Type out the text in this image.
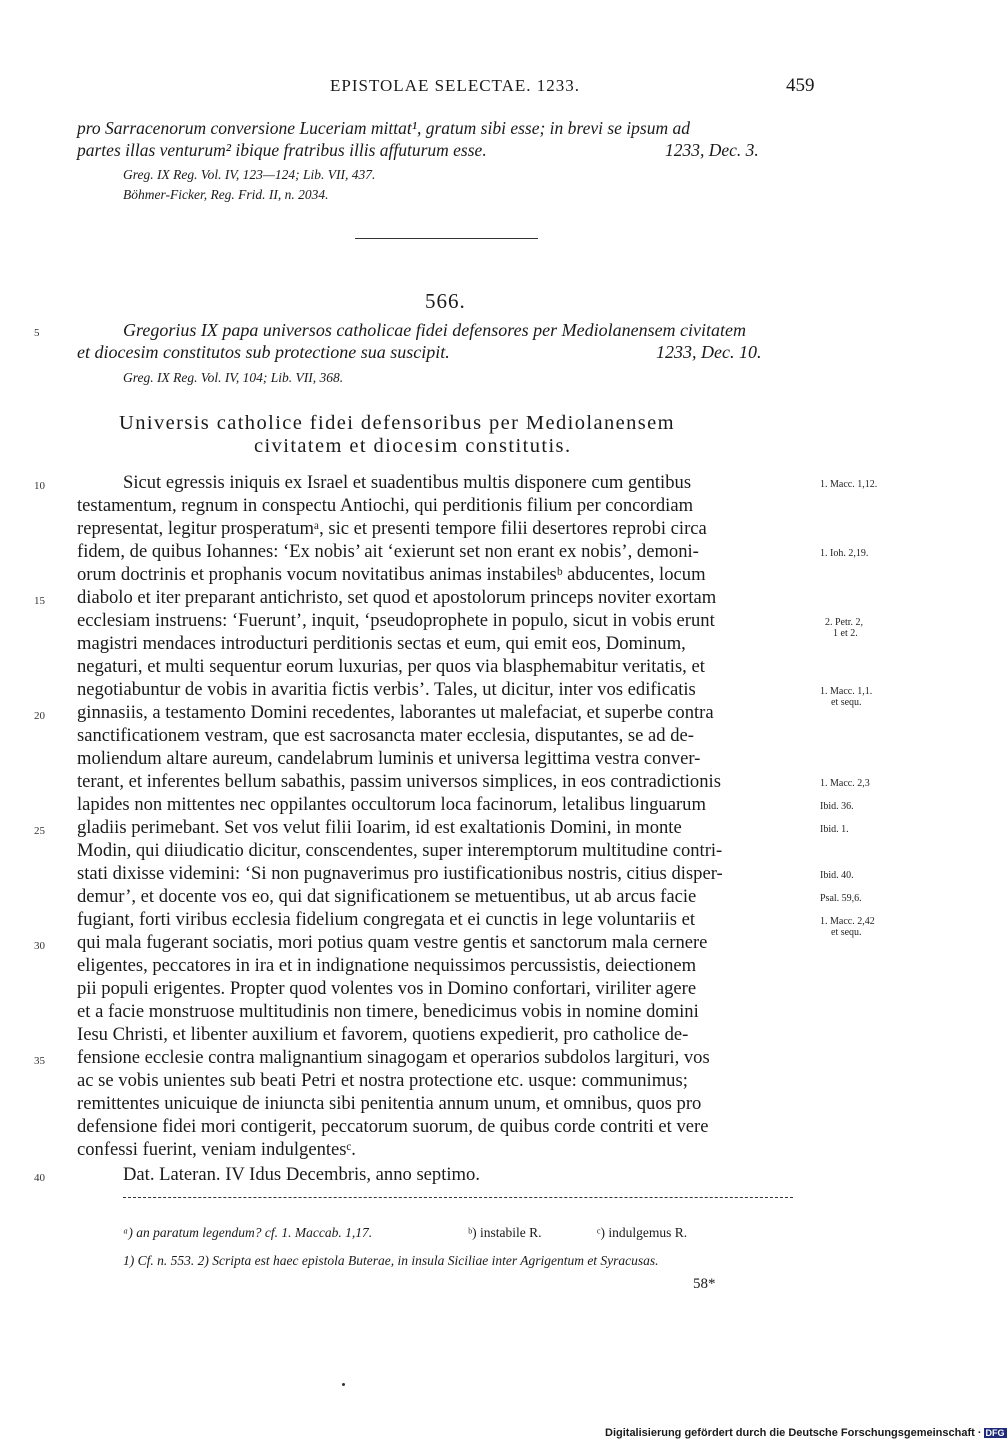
EPISTOLAE SELECTAE. 1233.	459
pro Sarracenorum conversione Luceriam mittat¹, gratum sibi esse; in brevi se ipsum ad
partes illas venturum² ibique fratribus illis affuturum esse.	1233, Dec. 3.
Greg. IX Reg. Vol. IV, 123—124; Lib. VII, 437.
Böhmer-Ficker, Reg. Frid. II, n. 2034.
566.
5	Gregorius IX papa universos catholicae fidei defensores per Mediolanensem civitatem
et diocesim constitutos sub protectione sua suscipit.	1233, Dec. 10.
Greg. IX Reg. Vol. IV, 104; Lib. VII, 368.
Universis catholice fidei defensoribus per Mediolanensem
civitatem et diocesim constitutis.
Sicut egressis iniquis ex Israel et suadentibus multis disponere cum gentibus
testamentum, regnum in conspectu Antiochi, qui perditionis filium per concordiam
representat, legitur prosperatumᵃ, sic et presenti tempore filii desertores reprobi circa
fidem, de quibus Iohannes: ‘Ex nobis’ ait ‘exierunt set non erant ex nobis’, demoni-
orum doctrinis et prophanis vocum novitatibus animas instabilesᵇ abducentes, locum
diabolo et iter preparant antichristo, set quod et apostolorum princeps noviter exortam
ecclesiam instruens: ‘Fuerunt’, inquit, ‘pseudoprophete in populo, sicut in vobis erunt
magistri mendaces introducturi perditionis sectas et eum, qui emit eos, Dominum,
negaturi, et multi sequentur eorum luxurias, per quos via blasphemabitur veritatis, et
negotiabuntur de vobis in avaritia fictis verbis’. Tales, ut dicitur, inter vos edificatis
ginnasiis, a testamento Domini recedentes, laborantes ut malefaciat, et superbe contra
sanctificationem vestram, que est sacrosancta mater ecclesia, disputantes, se ad de-
moliendum altare aureum, candelabrum luminis et universa legittima vestra conver-
terant, et inferentes bellum sabathis, passim universos simplices, in eos contradictionis
lapides non mittentes nec oppilantes occultorum loca facinorum, letalibus linguarum
gladiis perimebant. Set vos velut filii Ioarim, id est exaltationis Domini, in monte
Modin, qui diiudicatio dicitur, conscendentes, super interemptorum multitudine contri-
stati dixisse videmini: ‘Si non pugnaverimus pro iustificationibus nostris, citius disper-
demur’, et docente vos eo, qui dat significationem se metuentibus, ut ab arcus facie
fugiant, forti viribus ecclesia fidelium congregata et ei cunctis in lege voluntariis et
qui mala fugerant sociatis, mori potius quam vestre gentis et sanctorum mala cernere
eligentes, peccatores in ira et in indignatione nequissimos percussistis, deiectionem
pii populi erigentes. Propter quod volentes vos in Domino confortari, viriliter agere
et a facie monstruose multitudinis non timere, benedicimus vobis in nomine domini
Iesu Christi, et libenter auxilium et favorem, quotiens expedierit, pro catholice de-
fensione ecclesie contra malignantium sinagogam et operarios subdolos largituri, vos
ac se vobis unientes sub beati Petri et nostra protectione etc. usque: communimus;
remittentes unicuique de iniuncta sibi penitentia annum unum, et omnibus, quos pro
defensione fidei mori contigerit, peccatorum suorum, de quibus corde contriti et vere
confessi fuerint, veniam indulgentesᶜ.
Dat. Lateran. IV Idus Decembris, anno septimo.
10
15
20
25
30
35
40
1. Macc. 1,12.
1. Ioh. 2,19.
2. Petr. 2,
1 et 2.
1. Macc. 1,1.
et sequ.
1. Macc. 2,3
Ibid. 36.
Ibid. 1.
Ibid. 40.
Psal. 59,6.
1. Macc. 2,42
et sequ.
ᵃ) an paratum legendum? cf. 1. Maccab. 1,17.	ᵇ) instabile R.	ᶜ) indulgemus R.
1) Cf. n. 553. 2) Scripta est haec epistola Buterae, in insula Siciliae inter Agrigentum et Syracusas.
58*
Digitalisierung gefördert durch die Deutsche Forschungsgemeinschaft · DFG
